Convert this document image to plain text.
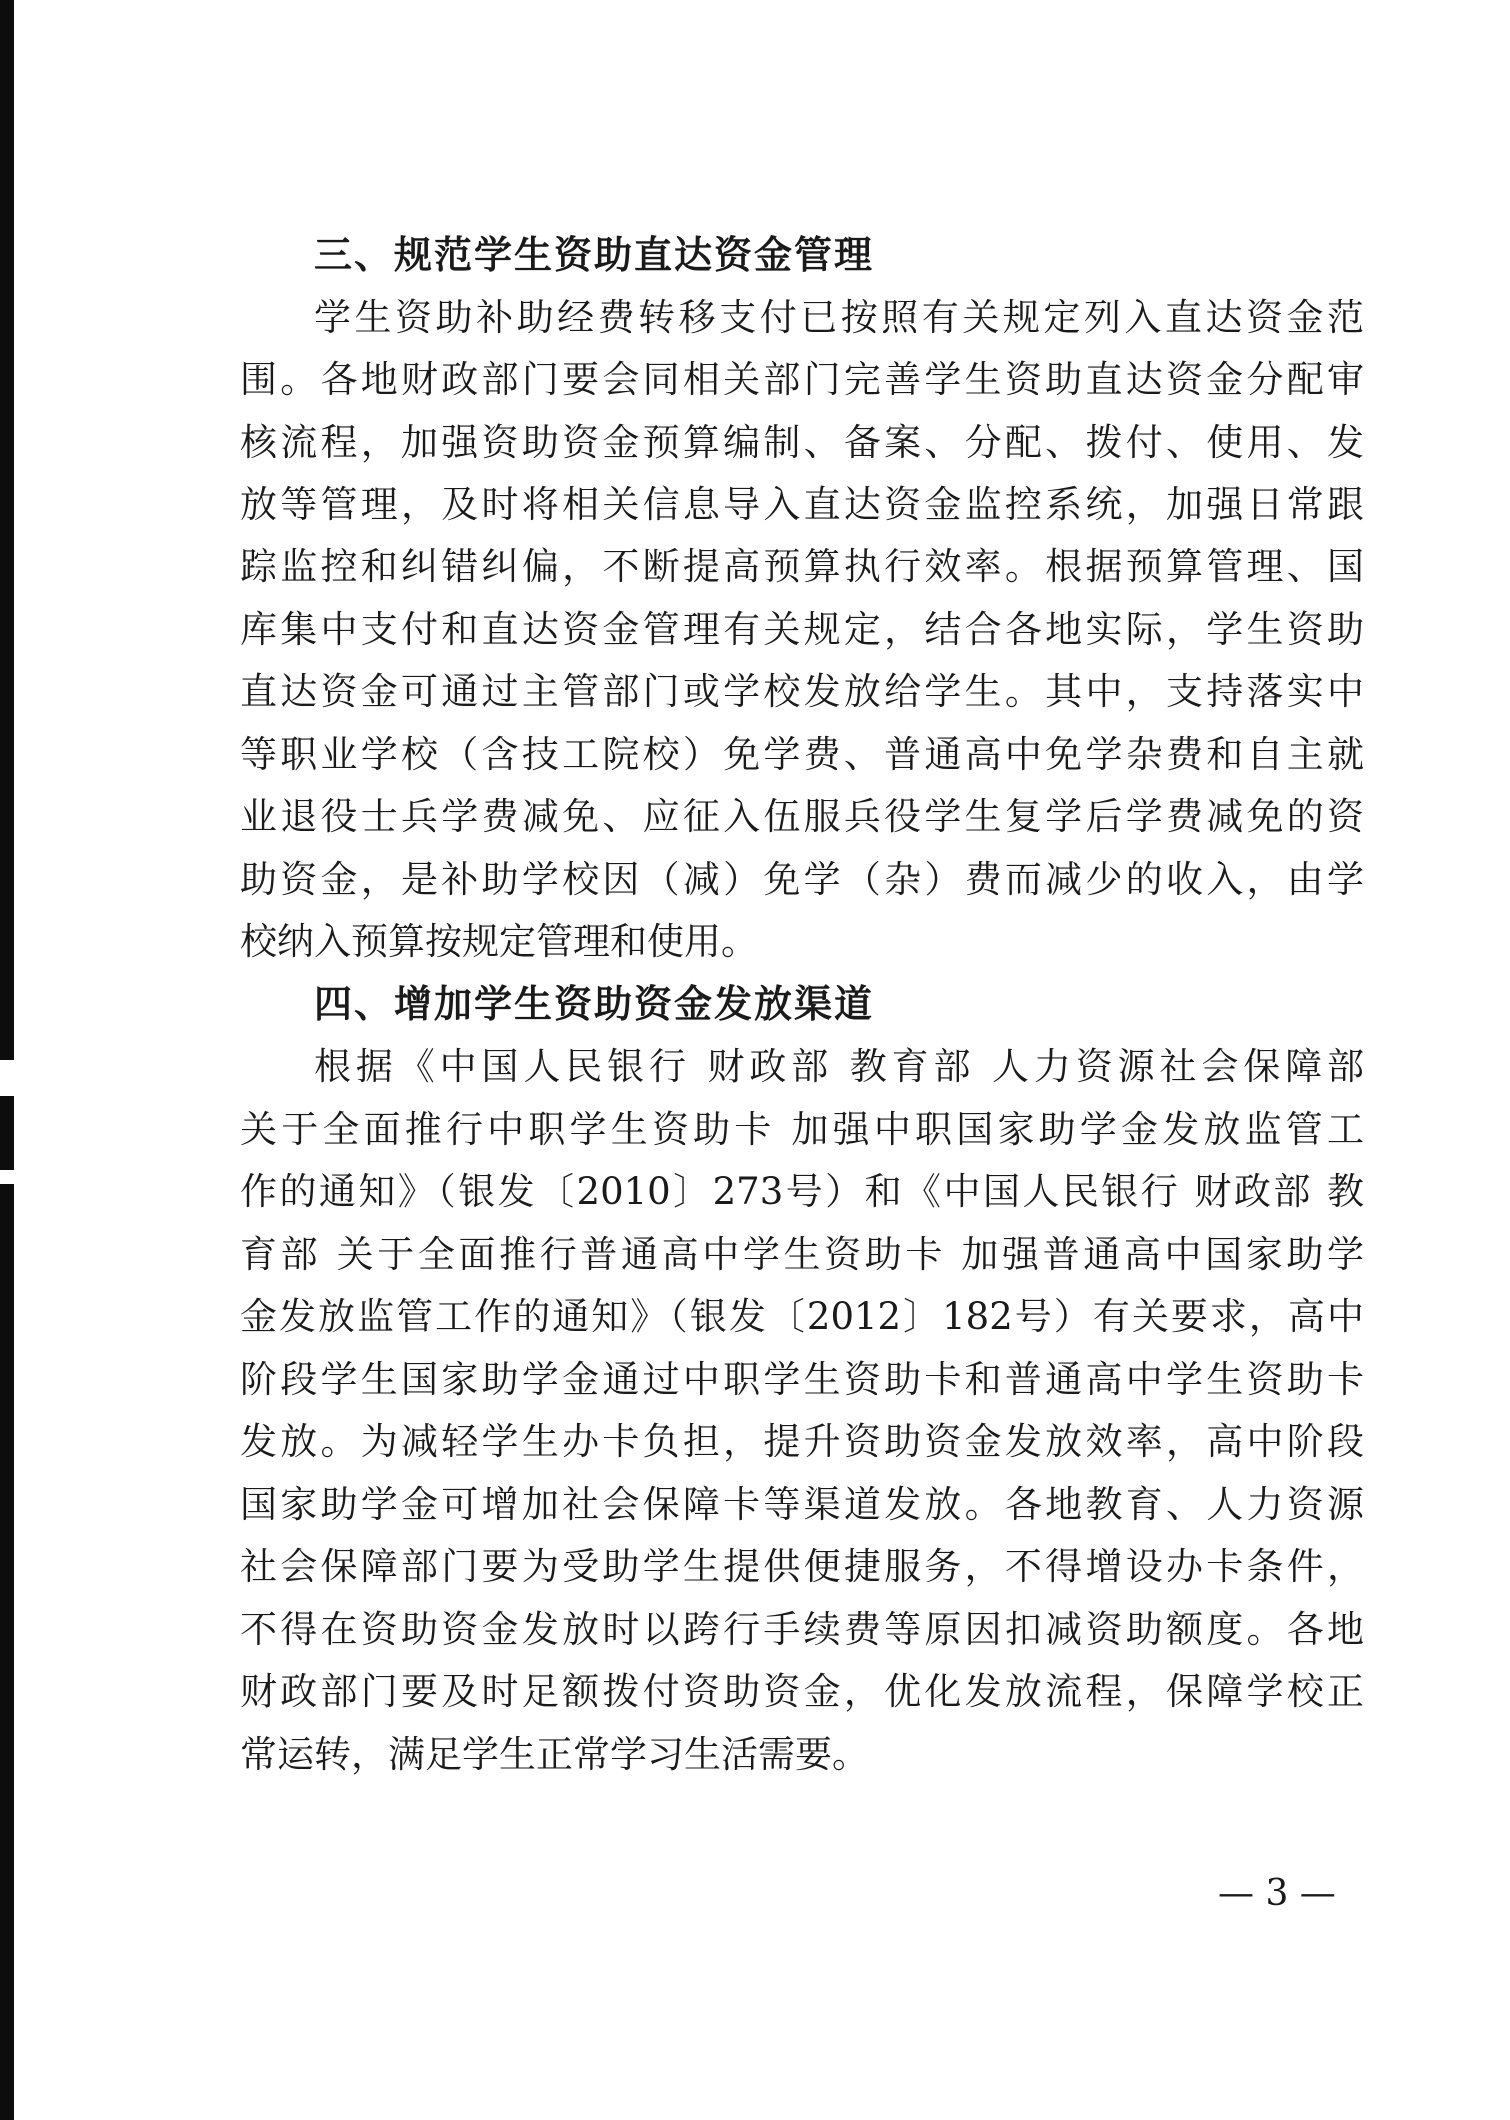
三、规范学生资助直达资金管理
学生资助补助经费转移支付已按照有关规定列入直达资金范
围。各地财政部门要会同相关部门完善学生资助直达资金分配审
核流程，加强资助资金预算编制、备案、分配、拨付、使用、发
放等管理，及时将相关信息导入直达资金监控系统，加强日常跟
踪监控和纠错纠偏，不断提高预算执行效率。根据预算管理、国
库集中支付和直达资金管理有关规定，结合各地实际，学生资助
直达资金可通过主管部门或学校发放给学生。其中，支持落实中
等职业学校（含技工院校）免学费、普通高中免学杂费和自主就
业退役士兵学费减免、应征入伍服兵役学生复学后学费减免的资
助资金，是补助学校因（减）免学（杂）费而减少的收入，由学
校纳入预算按规定管理和使用。
四、增加学生资助资金发放渠道
根据《中国人民银行 财政部 教育部 人力资源社会保障部
关于全面推行中职学生资助卡 加强中职国家助学金发放监管工
作的通知》（银发〔2010〕273号）和《中国人民银行 财政部 教
育部 关于全面推行普通高中学生资助卡 加强普通高中国家助学
金发放监管工作的通知》（银发〔2012〕182号）有关要求，高中
阶段学生国家助学金通过中职学生资助卡和普通高中学生资助卡
发放。为减轻学生办卡负担，提升资助资金发放效率，高中阶段
国家助学金可增加社会保障卡等渠道发放。各地教育、人力资源
社会保障部门要为受助学生提供便捷服务，不得增设办卡条件，
不得在资助资金发放时以跨行手续费等原因扣减资助额度。各地
财政部门要及时足额拨付资助资金，优化发放流程，保障学校正
常运转，满足学生正常学习生活需要。
— 3 —
